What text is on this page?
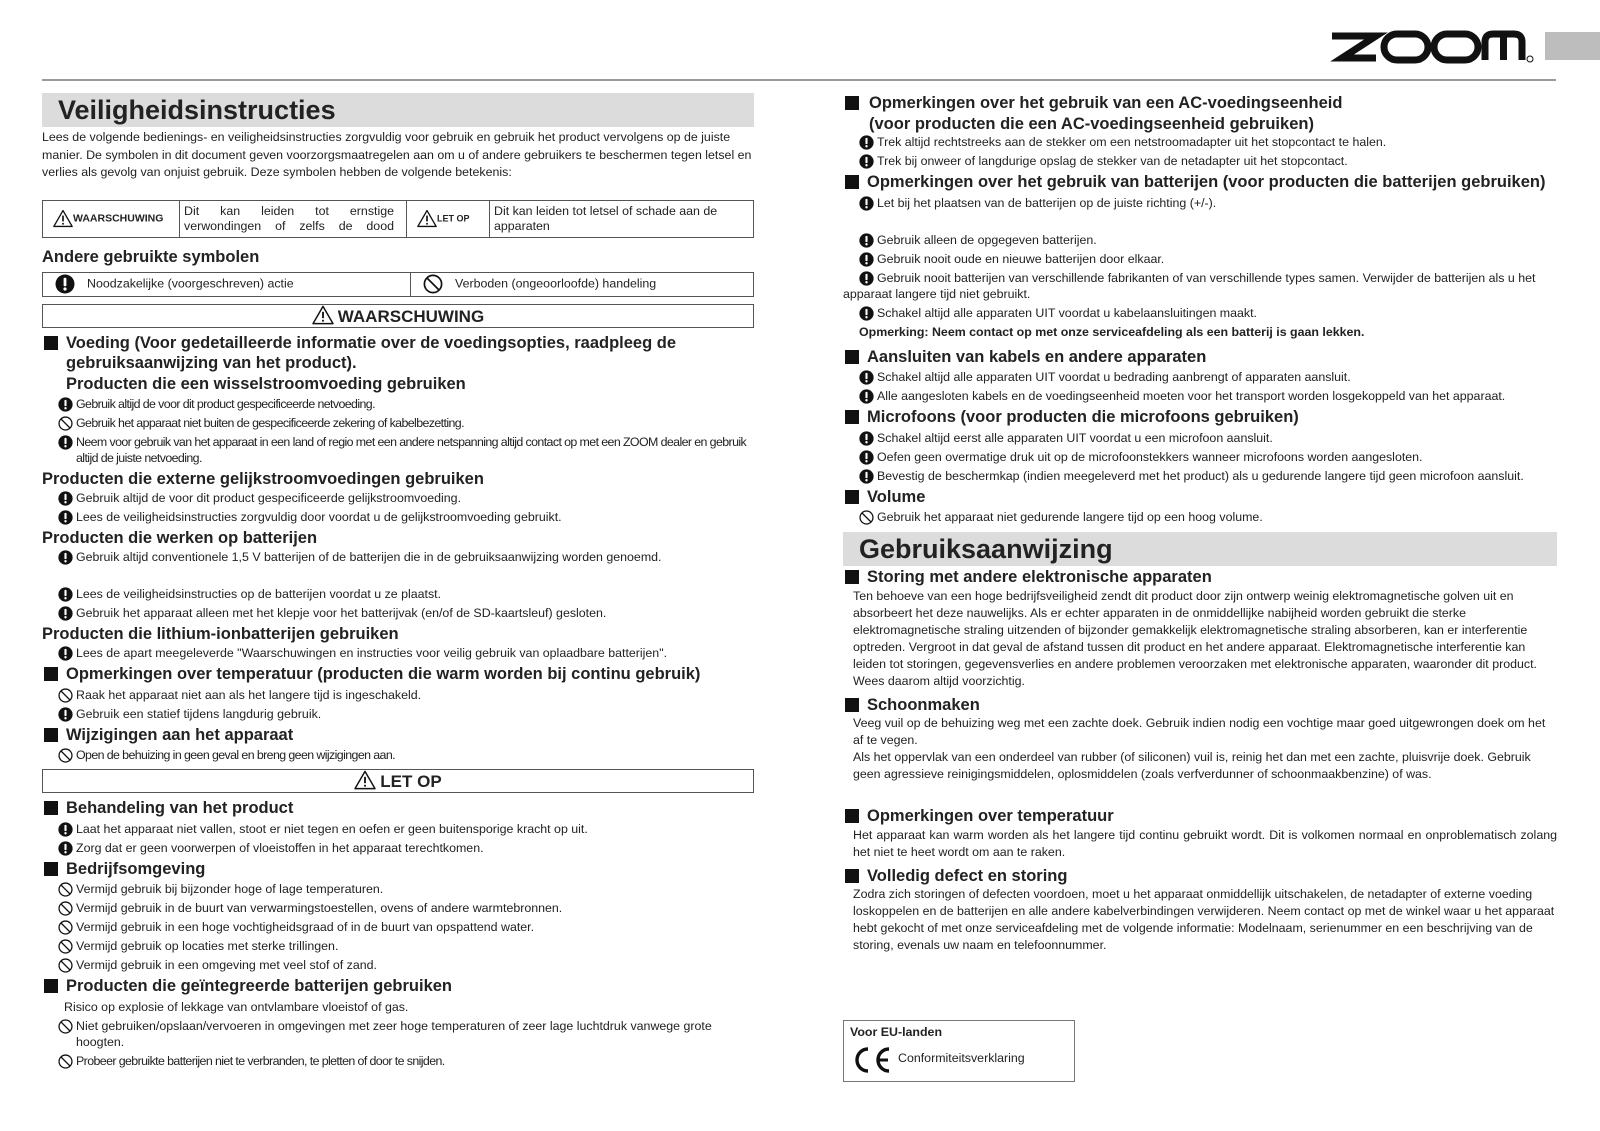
Veiligheidsinstructies

Lees de volgende bedienings- en veiligheidsinstructies zorgvuldig voor gebruik en gebruik het product vervolgens op de juiste manier. De symbolen in dit document geven voorzorgsmaatregelen aan om u of andere gebruikers te beschermen tegen letsel en verlies als gevolg van onjuist gebruik. Deze symbolen hebben de volgende betekenis:

WAARSCHUWING	Dit kan leiden tot ernstige verwondingen of zelfs de dood	LET OP	Dit kan leiden tot letsel of schade aan de apparaten

Andere gebruikte symbolen

Noodzakelijke (voorgeschreven) actie	Verboden (ongeoorloofde) handeling
WAARSCHUWING

Voeding (Voor gedetailleerde informatie over de voedingsopties, raadpleeg de
gebruiksaanwijzing van het product).
Producten die een wisselstroomvoeding gebruiken

Gebruik altijd de voor dit product gespecificeerde netvoeding.

Gebruik het apparaat niet buiten de gespecificeerde zekering of kabelbezetting.

Neem voor gebruik van het apparaat in een land of regio met een andere netspanning altijd contact op met een ZOOM dealer en gebruik altijd de juiste netvoeding.

Producten die externe gelijkstroomvoedingen gebruiken

Gebruik altijd de voor dit product gespecificeerde gelijkstroomvoeding.

Lees de veiligheidsinstructies zorgvuldig door voordat u de gelijkstroomvoeding gebruikt.

Producten die werken op batterijen

Gebruik altijd conventionele 1,5 V batterijen of de batterijen die in de gebruiksaanwijzing worden genoemd.

Lees de veiligheidsinstructies op de batterijen voordat u ze plaatst.

Gebruik het apparaat alleen met het klepje voor het batterijvak (en/of de SD-kaartsleuf) gesloten.

Producten die lithium-ionbatterijen gebruiken

Lees de apart meegeleverde "Waarschuwingen en instructies voor veilig gebruik van oplaadbare batterijen".

Opmerkingen over temperatuur (producten die warm worden bij continu gebruik)

Raak het apparaat niet aan als het langere tijd is ingeschakeld.

Gebruik een statief tijdens langdurig gebruik.

Wijzigingen aan het apparaat

Open de behuizing in geen geval en breng geen wijzigingen aan.

LET OP

Behandeling van het product

Laat het apparaat niet vallen, stoot er niet tegen en oefen er geen buitensporige kracht op uit.

Zorg dat er geen voorwerpen of vloeistoffen in het apparaat terechtkomen.

Bedrijfsomgeving

Vermijd gebruik bij bijzonder hoge of lage temperaturen.

Vermijd gebruik in de buurt van verwarmingstoestellen, ovens of andere warmtebronnen.

Vermijd gebruik in een hoge vochtigheidsgraad of in de buurt van opspattend water.

Vermijd gebruik op locaties met sterke trillingen.

Vermijd gebruik in een omgeving met veel stof of zand.

Producten die geïntegreerde batterijen gebruiken

Risico op explosie of lekkage van ontvlambare vloeistof of gas.

Niet gebruiken/opslaan/vervoeren in omgevingen met zeer hoge temperaturen of zeer lage luchtdruk vanwege grote hoogten.

Probeer gebruikte batterijen niet te verbranden, te pletten of door te snijden.

Opmerkingen over het gebruik van een AC-voedingseenheid
(voor producten die een AC-voedingseenheid gebruiken)

Trek altijd rechtstreeks aan de stekker om een netstroomadapter uit het stopcontact te halen.

Trek bij onweer of langdurige opslag de stekker van de netadapter uit het stopcontact.

Opmerkingen over het gebruik van batterijen (voor producten die batterijen gebruiken)

Let bij het plaatsen van de batterijen op de juiste richting (+/-).

Gebruik alleen de opgegeven batterijen.

Gebruik nooit oude en nieuwe batterijen door elkaar.

Gebruik nooit batterijen van verschillende fabrikanten of van verschillende types samen. Verwijder de batterijen als u het apparaat langere tijd niet gebruikt.

Schakel altijd alle apparaten UIT voordat u kabelaansluitingen maakt.

Opmerking: Neem contact op met onze serviceafdeling als een batterij is gaan lekken.

Aansluiten van kabels en andere apparaten

Schakel altijd alle apparaten UIT voordat u bedrading aanbrengt of apparaten aansluit.

Alle aangesloten kabels en de voedingseenheid moeten voor het transport worden losgekoppeld van het apparaat.

Microfoons (voor producten die microfoons gebruiken)

Schakel altijd eerst alle apparaten UIT voordat u een microfoon aansluit.

Oefen geen overmatige druk uit op de microfoonstekkers wanneer microfoons worden aangesloten.

Bevestig de beschermkap (indien meegeleverd met het product) als u gedurende langere tijd geen microfoon aansluit.

Volume

Gebruik het apparaat niet gedurende langere tijd op een hoog volume.

Gebruiksaanwijzing

Storing met andere elektronische apparaten

Ten behoeve van een hoge bedrijfsveiligheid zendt dit product door zijn ontwerp weinig elektromagnetische golven uit en absorbeert het deze nauwelijks. Als er echter apparaten in de onmiddellijke nabijheid worden gebruikt die sterke elektromagnetische straling uitzenden of bijzonder gemakkelijk elektromagnetische straling absorberen, kan er interferentie optreden. Vergroot in dat geval de afstand tussen dit product en het andere apparaat. Elektromagnetische interferentie kan leiden tot storingen, gegevensverlies en andere problemen veroorzaken met elektronische apparaten, waaronder dit product. Wees daarom altijd voorzichtig.

Schoonmaken

Veeg vuil op de behuizing weg met een zachte doek. Gebruik indien nodig een vochtige maar goed uitgewrongen doek om het af te vegen.

Als het oppervlak van een onderdeel van rubber (of siliconen) vuil is, reinig het dan met een zachte, pluisvrije doek. Gebruik geen agressieve reinigingsmiddelen, oplosmiddelen (zoals verfverdunner of schoonmaakbenzine) of was.

Opmerkingen over temperatuur

Het apparaat kan warm worden als het langere tijd continu gebruikt wordt. Dit is volkomen normaal en onproblematisch zolang het niet te heet wordt om aan te raken.

Volledig defect en storing

Zodra zich storingen of defecten voordoen, moet u het apparaat onmiddellijk uitschakelen, de netadapter of externe voeding loskoppelen en de batterijen en alle andere kabelverbindingen verwijderen. Neem contact op met de winkel waar u het apparaat hebt gekocht of met onze serviceafdeling met de volgende informatie: Modelnaam, serienummer en een beschrijving van de storing, evenals uw naam en telefoonnummer.

Voor EU-landen
Conformiteitsverklaring
